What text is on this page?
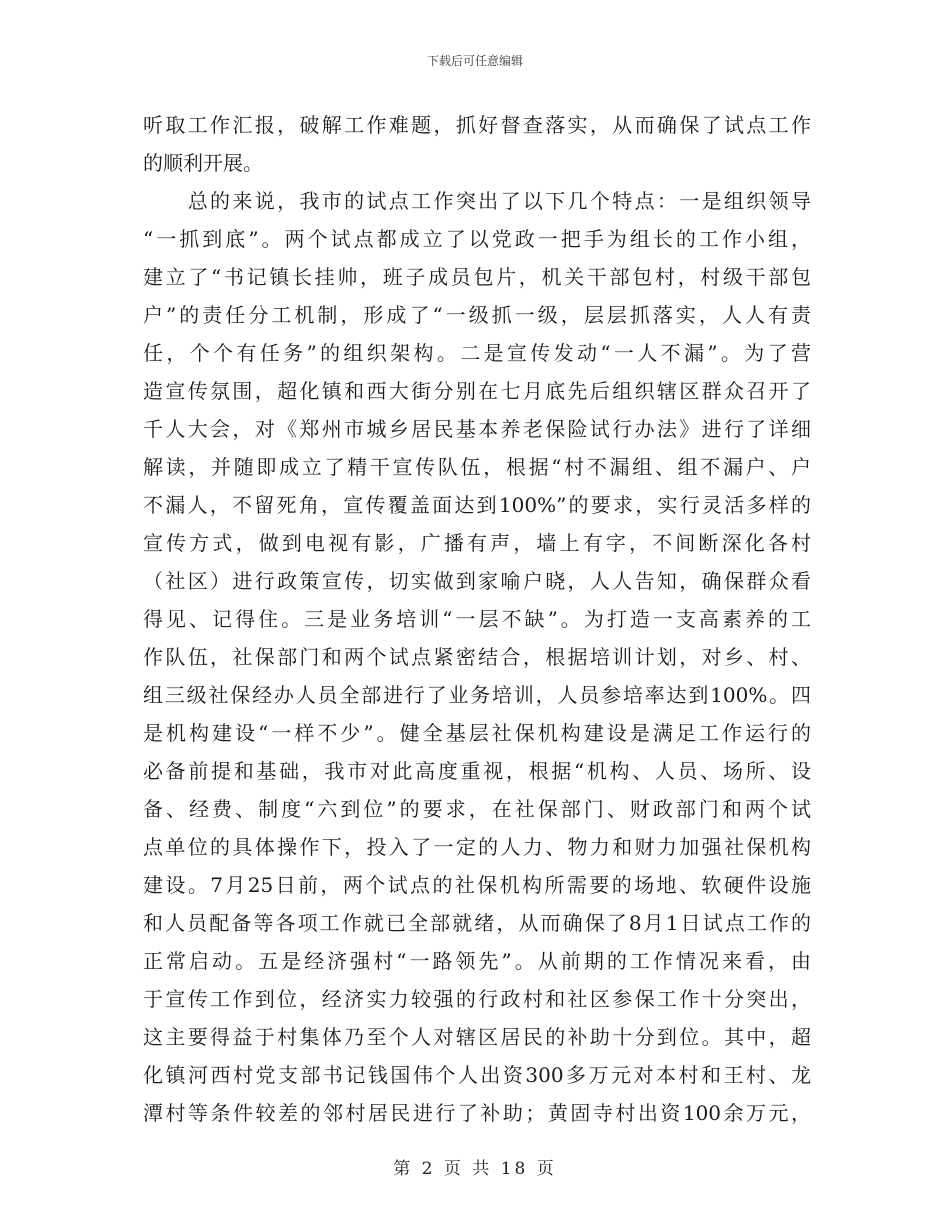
下载后可任意编辑
听取工作汇报，破解工作难题，抓好督查落实，从而确保了试点工作
的顺利开展。
　　总的来说，我市的试点工作突出了以下几个特点：一是组织领导
“一抓到底”。两个试点都成立了以党政一把手为组长的工作小组，
建立了“书记镇长挂帅，班子成员包片，机关干部包村，村级干部包
户”的责任分工机制，形成了“一级抓一级，层层抓落实，人人有责
任，个个有任务”的组织架构。二是宣传发动“一人不漏”。为了营
造宣传氛围，超化镇和西大街分别在七月底先后组织辖区群众召开了
千人大会，对《郑州市城乡居民基本养老保险试行办法》进行了详细
解读，并随即成立了精干宣传队伍，根据“村不漏组、组不漏户、户
不漏人，不留死角，宣传覆盖面达到100%”的要求，实行灵活多样的
宣传方式，做到电视有影，广播有声，墙上有字，不间断深化各村
（社区）进行政策宣传，切实做到家喻户晓，人人告知，确保群众看
得见、记得住。三是业务培训“一层不缺”。为打造一支高素养的工
作队伍，社保部门和两个试点紧密结合，根据培训计划，对乡、村、
组三级社保经办人员全部进行了业务培训，人员参培率达到100%。四
是机构建设“一样不少”。健全基层社保机构建设是满足工作运行的
必备前提和基础，我市对此高度重视，根据“机构、人员、场所、设
备、经费、制度“六到位”的要求，在社保部门、财政部门和两个试
点单位的具体操作下，投入了一定的人力、物力和财力加强社保机构
建设。7月25日前，两个试点的社保机构所需要的场地、软硬件设施
和人员配备等各项工作就已全部就绪，从而确保了8月1日试点工作的
正常启动。五是经济强村“一路领先”。从前期的工作情况来看，由
于宣传工作到位，经济实力较强的行政村和社区参保工作十分突出，
这主要得益于村集体乃至个人对辖区居民的补助十分到位。其中，超
化镇河西村党支部书记钱国伟个人出资300多万元对本村和王村、龙
潭村等条件较差的邻村居民进行了补助；黄固寺村出资100余万元，
第 2 页 共 18 页
